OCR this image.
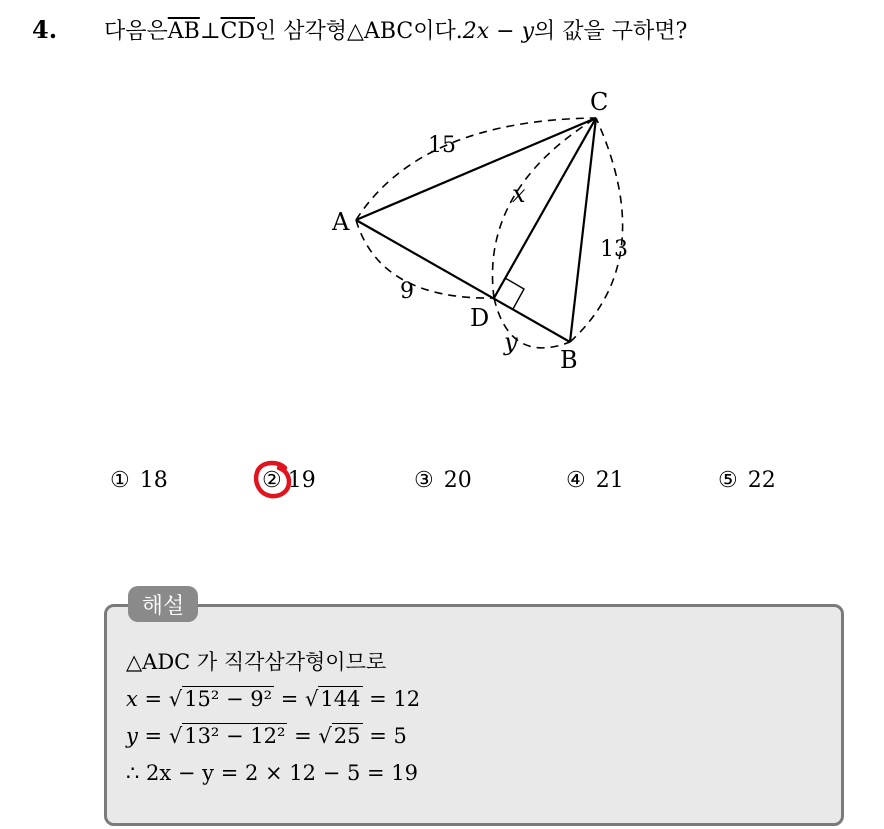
4.	다음은 $\overline{AB}$ ⊥ $\overline{CD}$ 인 삼각형 △ABC 이다. 2x − y 의 값을 구하면?
A
C
D
B
15
x
13
9
y
① 18	② 19	③ 20	④ 21	⑤ 22
해설
△ADC 가 직각삼각형이므로
x = √15² − 9² = √144 = 12
y = √13² − 12² = √25 = 5
∴ 2x − y = 2 × 12 − 5 = 19
